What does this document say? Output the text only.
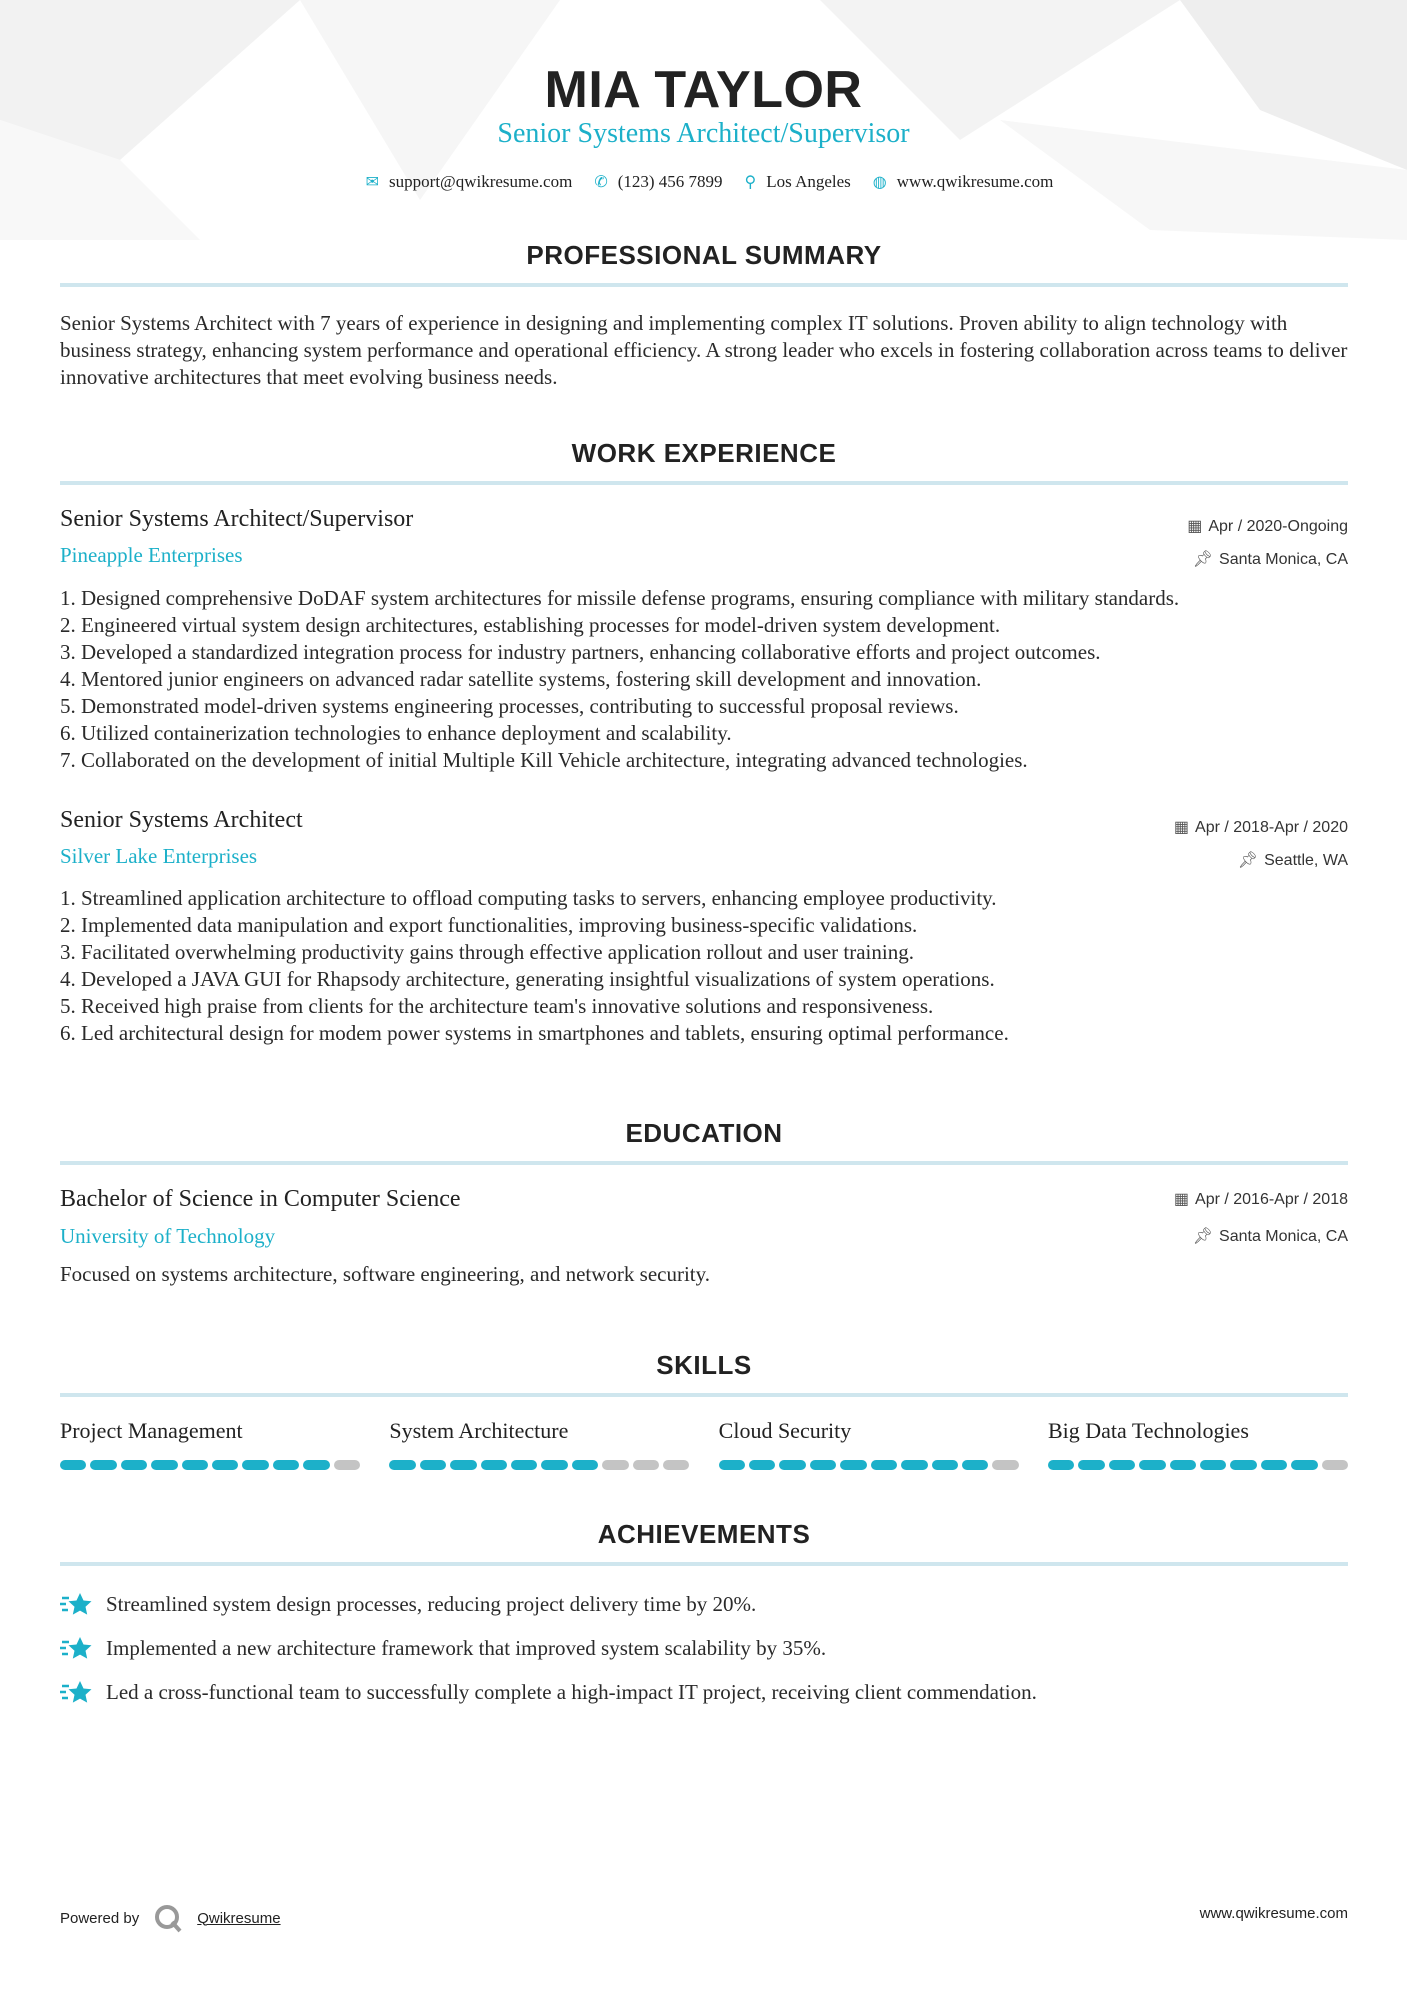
MIA TAYLOR
Senior Systems Architect/Supervisor
✉ support@qwikresume.com ✆ (123) 456 7899 ⚲ Los Angeles ◍ www.qwikresume.com
PROFESSIONAL SUMMARY
Senior Systems Architect with 7 years of experience in designing and implementing complex IT solutions. Proven ability to align technology with business strategy, enhancing system performance and operational efficiency. A strong leader who excels in fostering collaboration across teams to deliver innovative architectures that meet evolving business needs.
WORK EXPERIENCE
Senior Systems Architect/Supervisor	▦ Apr / 2020-Ongoing
Pineapple Enterprises	📌︎ Santa Monica, CA
1. Designed comprehensive DoDAF system architectures for missile defense programs, ensuring compliance with military standards.
2. Engineered virtual system design architectures, establishing processes for model-driven system development.
3. Developed a standardized integration process for industry partners, enhancing collaborative efforts and project outcomes.
4. Mentored junior engineers on advanced radar satellite systems, fostering skill development and innovation.
5. Demonstrated model-driven systems engineering processes, contributing to successful proposal reviews.
6. Utilized containerization technologies to enhance deployment and scalability.
7. Collaborated on the development of initial Multiple Kill Vehicle architecture, integrating advanced technologies.
Senior Systems Architect	▦ Apr / 2018-Apr / 2020
Silver Lake Enterprises	📌︎ Seattle, WA
1. Streamlined application architecture to offload computing tasks to servers, enhancing employee productivity.
2. Implemented data manipulation and export functionalities, improving business-specific validations.
3. Facilitated overwhelming productivity gains through effective application rollout and user training.
4. Developed a JAVA GUI for Rhapsody architecture, generating insightful visualizations of system operations.
5. Received high praise from clients for the architecture team's innovative solutions and responsiveness.
6. Led architectural design for modem power systems in smartphones and tablets, ensuring optimal performance.
EDUCATION
Bachelor of Science in Computer Science	▦ Apr / 2016-Apr / 2018
University of Technology	📌︎ Santa Monica, CA
Focused on systems architecture, software engineering, and network security.
SKILLS
Project Management	System Architecture	Cloud Security	Big Data Technologies
ACHIEVEMENTS
Streamlined system design processes, reducing project delivery time by 20%.
Implemented a new architecture framework that improved system scalability by 35%.
Led a cross-functional team to successfully complete a high-impact IT project, receiving client commendation.
Powered by	Qwikresume	www.qwikresume.com
